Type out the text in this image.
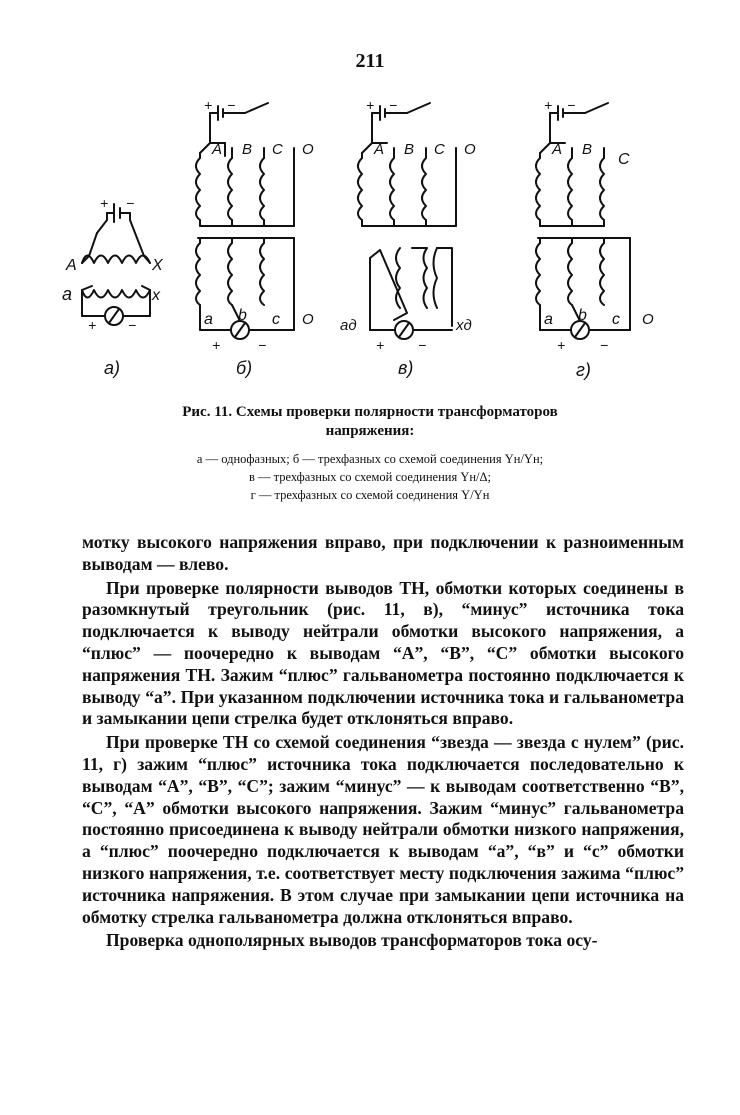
211
+ −
A	X
a	x
+ −
а)
+ −
A B C O
a b c O
+	−
б)
+ −
A B C O
aд	xд
+ −
в)
+ −
A B
C
a b c O
+ −
г)
Рис. 11. Схемы проверки полярности трансформаторов
напряжения:
а — однофазных; б — трехфазных со схемой соединения Yн/Yн;
в — трехфазных со схемой соединения Yн/Δ;
г — трехфазных со схемой соединения Y/Yн

мотку высокого напряжения вправо, при подключении к разноименным выводам — влево.

При проверке полярности выводов ТН, обмотки которых соединены в разомкнутый треугольник (рис. 11, в), “минус” источника тока подключается к выводу нейтрали обмотки высокого напряжения, а “плюс” — поочередно к выводам “А”, “В”, “С” обмотки высокого напряжения ТН. Зажим “плюс” гальванометра постоянно подключается к выводу “а”. При указанном подключении источника тока и гальванометра и замыкании цепи стрелка будет отклоняться вправо.

При проверке ТН со схемой соединения “звезда — звезда с нулем” (рис. 11, г) зажим “плюс” источника тока подключается последовательно к выводам “А”, “В”, “С”; зажим “минус” — к выводам соответственно “В”, “С”, “А” обмотки высокого напряжения. Зажим “минус” гальванометра постоянно присоединена к выводу нейтрали обмотки низкого напряжения, а “плюс” поочередно подключается к выводам “а”, “в” и “с” обмотки низкого напряжения, т.е. соответствует месту подключения зажима “плюс” источника напряжения. В этом случае при замыкании цепи источника на обмотку стрелка гальванометра должна отклоняться вправо.

Проверка однополярных выводов трансформаторов тока осу-
